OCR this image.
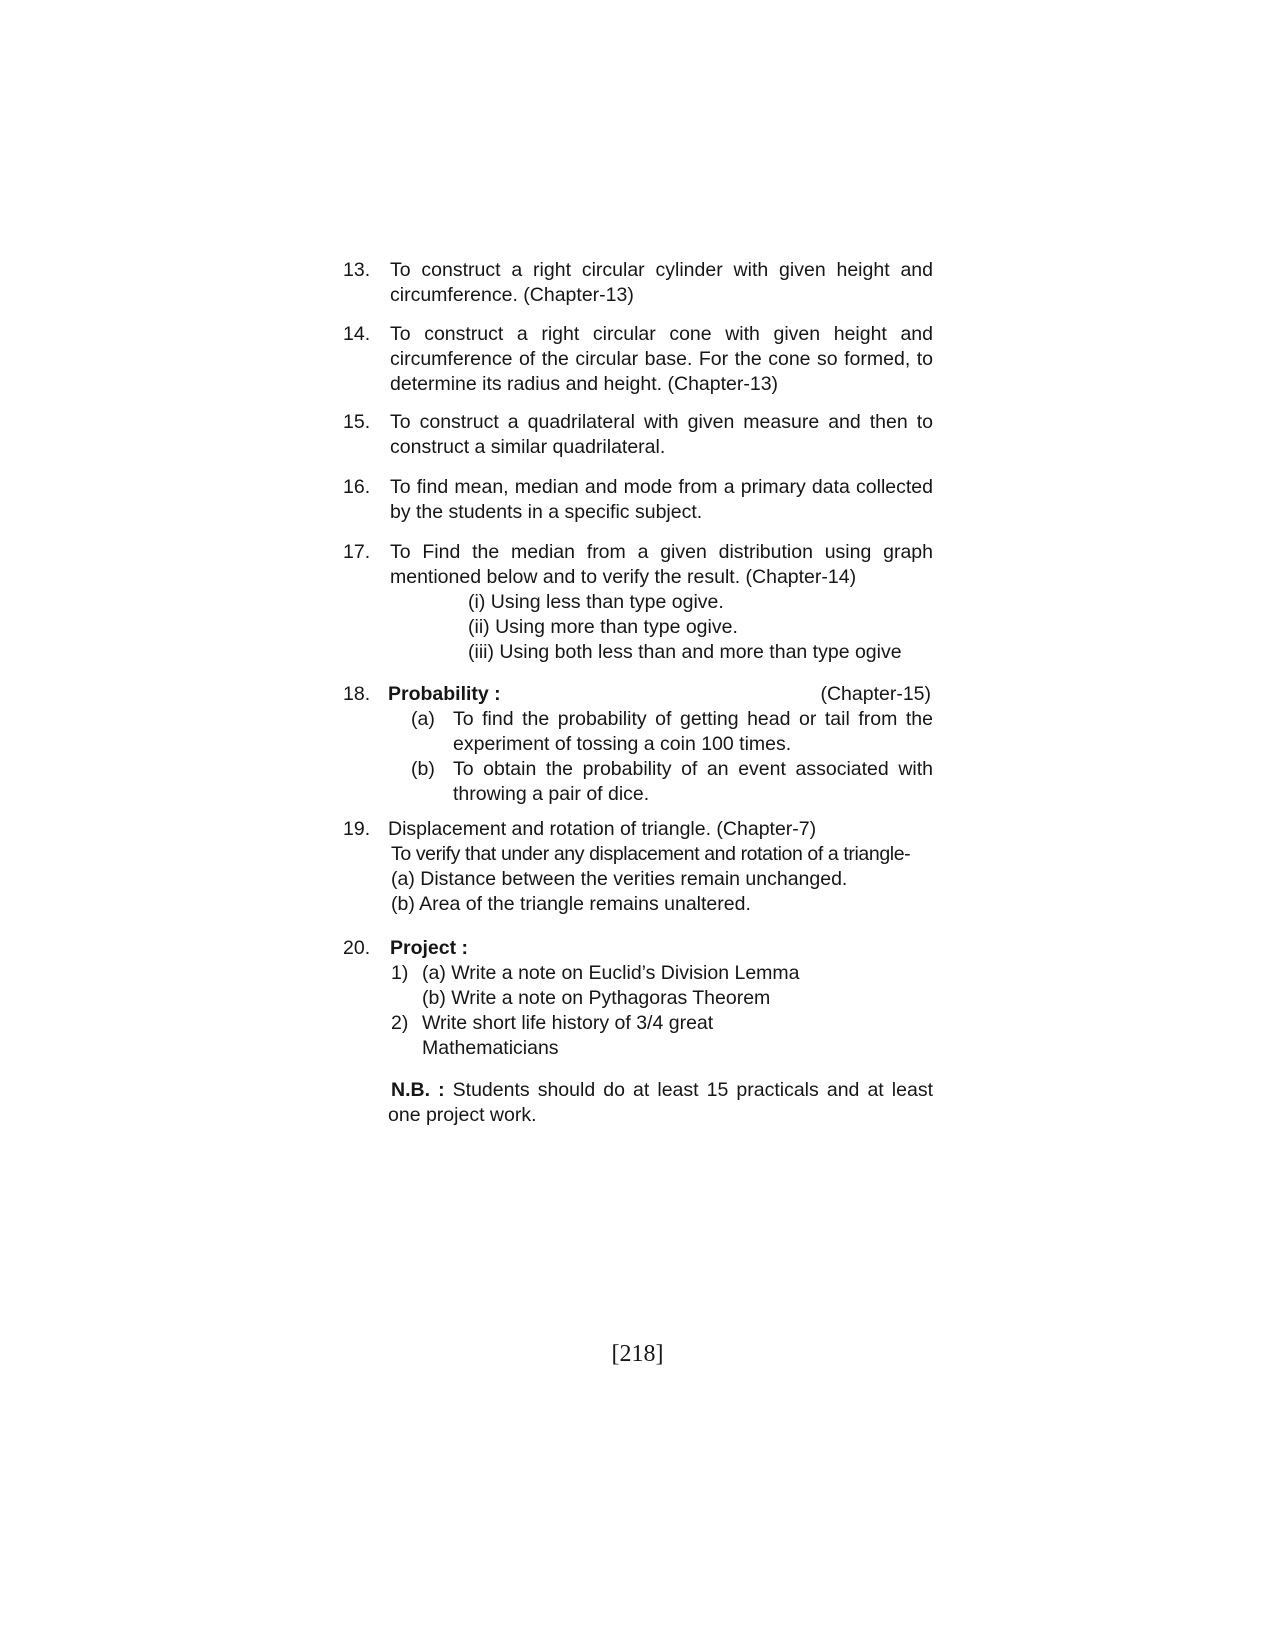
13. To construct a right circular cylinder with given height and
circumference. (Chapter-13)
14. To construct a right circular cone with given height and
circumference of the circular base. For the cone so formed, to
determine its radius and height. (Chapter-13)
15. To construct a quadrilateral with given measure and then to
construct a similar quadrilateral.
16. To find mean, median and mode from a primary data collected
by the students in a specific subject.
17. To Find the median from a given distribution using graph
mentioned below and to verify the result. (Chapter-14)
(i) Using less than type ogive.
(ii) Using more than type ogive.
(iii) Using both less than and more than type ogive
18. Probability :	(Chapter-15)
(a) To find the probability of getting head or tail from the
experiment of tossing a coin 100 times.
(b) To obtain the probability of an event associated with
throwing a pair of dice.
19. Displacement and rotation of triangle. (Chapter-7)
To verify that under any displacement and rotation of a triangle-
(a) Distance between the verities remain unchanged.
(b) Area of the triangle remains unaltered.
20. Project :
1) (a) Write a note on Euclid’s Division Lemma
(b) Write a note on Pythagoras Theorem
2) Write short life history of 3/4 great
Mathematicians
N.B. : Students should do at least 15 practicals and at least
one project work.
[218]
